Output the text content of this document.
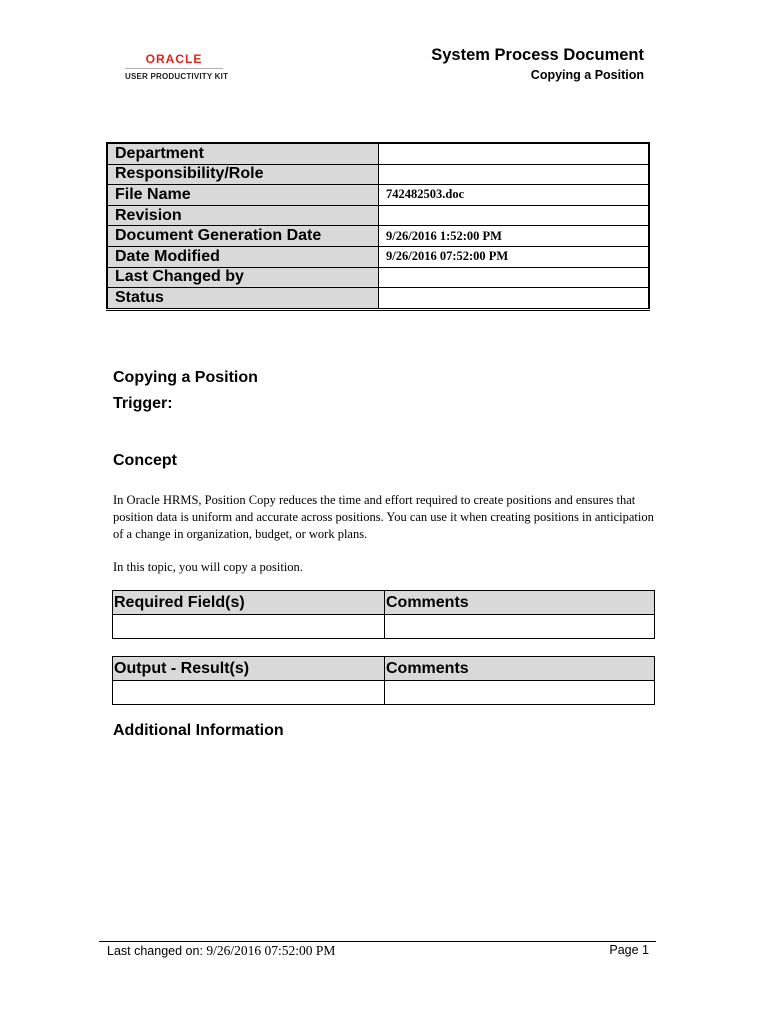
ORACLE
USER PRODUCTIVITY KIT
System Process Document
Copying a Position
Department	
Responsibility/Role	
File Name	742482503.doc
Revision	
Document Generation Date	9/26/2016 1:52:00 PM
Date Modified	9/26/2016 07:52:00 PM
Last Changed by	
Status	
Copying a Position
Trigger:
Concept
In Oracle HRMS, Position Copy reduces the time and effort required to create positions and ensures that position data is uniform and accurate across positions. You can use it when creating positions in anticipation of a change in organization, budget, or work plans.
In this topic, you will copy a position.
Required Field(s)	Comments

Output - Result(s)	Comments

Additional Information
Last changed on: 9/26/2016 07:52:00 PM	Page 1
